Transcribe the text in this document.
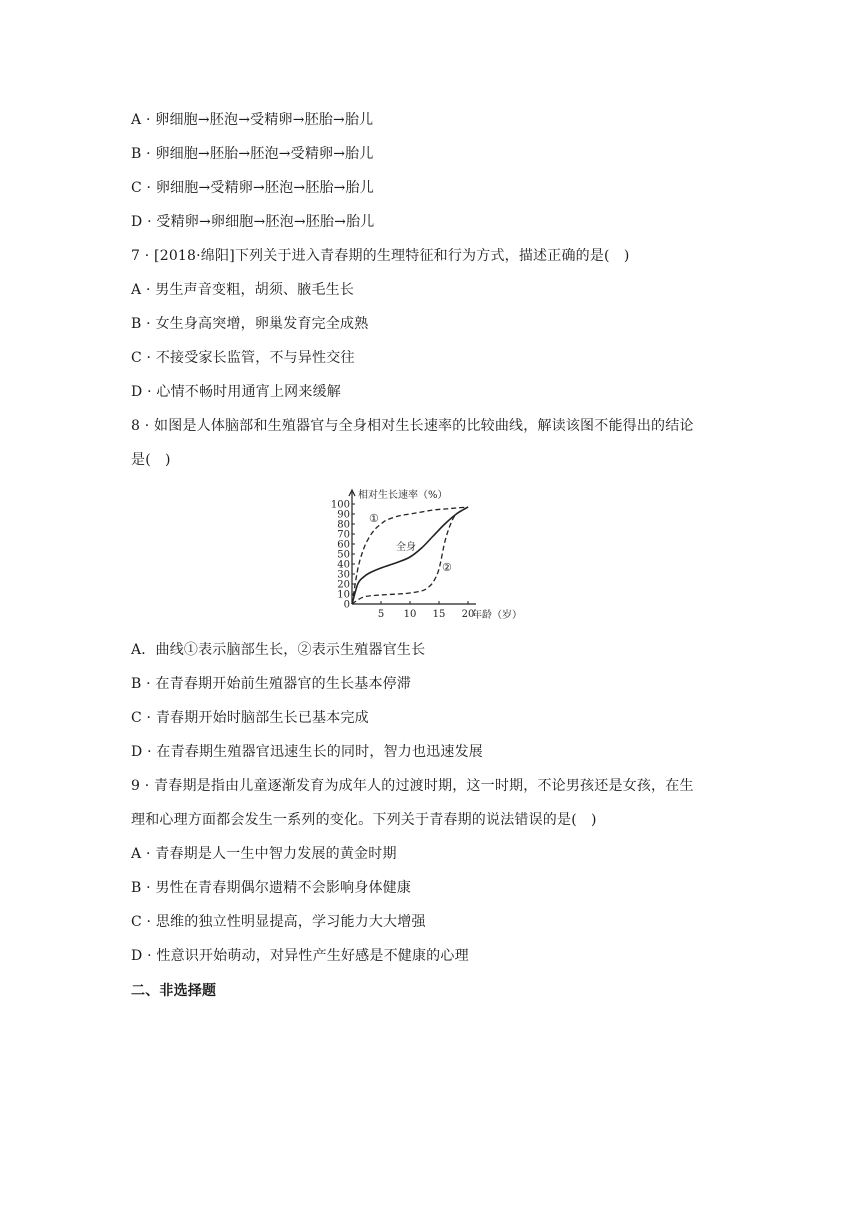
A · 卵细胞→胚泡→受精卵→胚胎→胎儿
B · 卵细胞→胚胎→胚泡→受精卵→胎儿
C · 卵细胞→受精卵→胚泡→胚胎→胎儿
D · 受精卵→卵细胞→胚泡→胚胎→胎儿
7 · [2018·绵阳]下列关于进入青春期的生理特征和行为方式，描述正确的是(　)
A · 男生声音变粗，胡须、腋毛生长
B · 女生身高突增，卵巢发育完全成熟
C · 不接受家长监管，不与异性交往
D · 心情不畅时用通宵上网来缓解
8 · 如图是人体脑部和生殖器官与全身相对生长速率的比较曲线，解读该图不能得出的结论
是(　)
0
10
20
30
40
50
60
70
80
90
100
5 10 15 20
相对生长速率（%）
年龄（岁）
①
全身
②
A．曲线①表示脑部生长，②表示生殖器官生长
B · 在青春期开始前生殖器官的生长基本停滞
C · 青春期开始时脑部生长已基本完成
D · 在青春期生殖器官迅速生长的同时，智力也迅速发展
9 · 青春期是指由儿童逐渐发育为成年人的过渡时期，这一时期，不论男孩还是女孩，在生
理和心理方面都会发生一系列的变化。下列关于青春期的说法错误的是(　)
A · 青春期是人一生中智力发展的黄金时期
B · 男性在青春期偶尔遗精不会影响身体健康
C · 思维的独立性明显提高，学习能力大大增强
D · 性意识开始萌动，对异性产生好感是不健康的心理
二、非选择题
